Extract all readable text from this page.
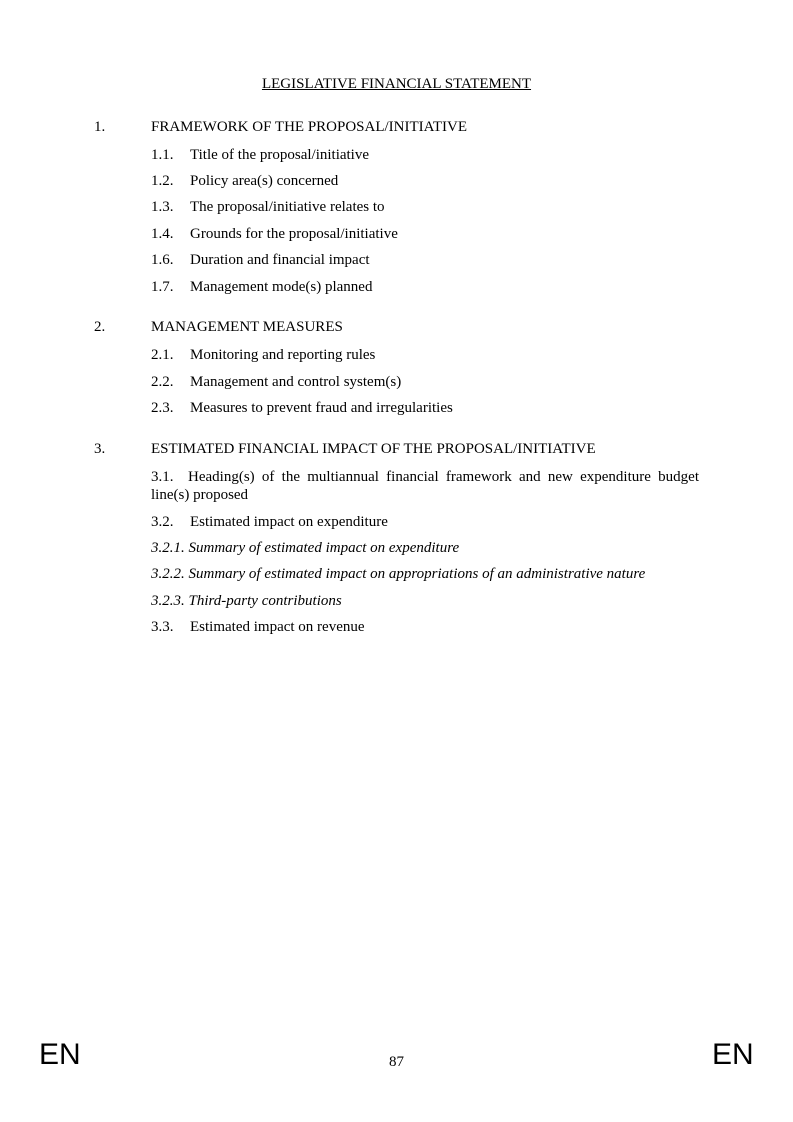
LEGISLATIVE FINANCIAL STATEMENT
1.	FRAMEWORK OF THE PROPOSAL/INITIATIVE
1.1. Title of the proposal/initiative
1.2. Policy area(s) concerned
1.3. The proposal/initiative relates to
1.4. Grounds for the proposal/initiative
1.6. Duration and financial impact
1.7. Management mode(s) planned
2.	MANAGEMENT MEASURES
2.1. Monitoring and reporting rules
2.2. Management and control system(s)
2.3. Measures to prevent fraud and irregularities
3.	ESTIMATED FINANCIAL IMPACT OF THE PROPOSAL/INITIATIVE
3.1. Heading(s) of the multiannual financial framework and new expenditure budget line(s) proposed
3.2. Estimated impact on expenditure
3.2.1. Summary of estimated impact on expenditure
3.2.2. Summary of estimated impact on appropriations of an administrative nature
3.2.3. Third-party contributions
3.3. Estimated impact on revenue
EN	87	EN
